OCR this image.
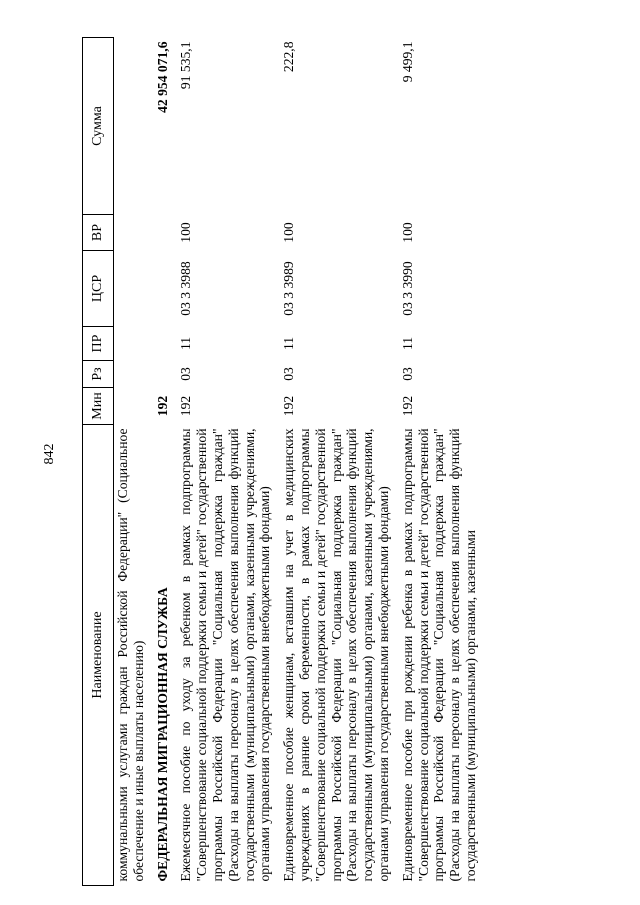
842
Наименование	Мин	Рз	ПР	ЦСР	ВР	Сумма
коммунальными услугами граждан Российской Федерации" (Социальное обеспечение и иные выплаты населению)						
ФЕДЕРАЛЬНАЯ МИГРАЦИОННАЯ СЛУЖБА	192					42 954 071,6
Ежемесячное пособие по уходу за ребенком в рамках подпрограммы "Совершенствование социальной поддержки семьи и детей" государственной программы Российской Федерации "Социальная поддержка граждан" (Расходы на выплаты персоналу в целях обеспечения выполнения функций государственными (муниципальными) органами, казенными учреждениями, органами управления государственными внебюджетными фондами)	192	03	11	03 3 3988	100	91 535,1
Единовременное пособие женщинам, вставшим на учет в медицинских учреждениях в ранние сроки беременности, в рамках подпрограммы "Совершенствование социальной поддержки семьи и детей" государственной программы Российской Федерации "Социальная поддержка граждан" (Расходы на выплаты персоналу в целях обеспечения выполнения функций государственными (муниципальными) органами, казенными учреждениями, органами управления государственными внебюджетными фондами)	192	03	11	03 3 3989	100	222,8
Единовременное пособие при рождении ребенка в рамках подпрограммы "Совершенствование социальной поддержки семьи и детей" государственной программы Российской Федерации "Социальная поддержка граждан" (Расходы на выплаты персоналу в целях обеспечения выполнения функций государственными (муниципальными) органами, казенными	192	03	11	03 3 3990	100	9 499,1
